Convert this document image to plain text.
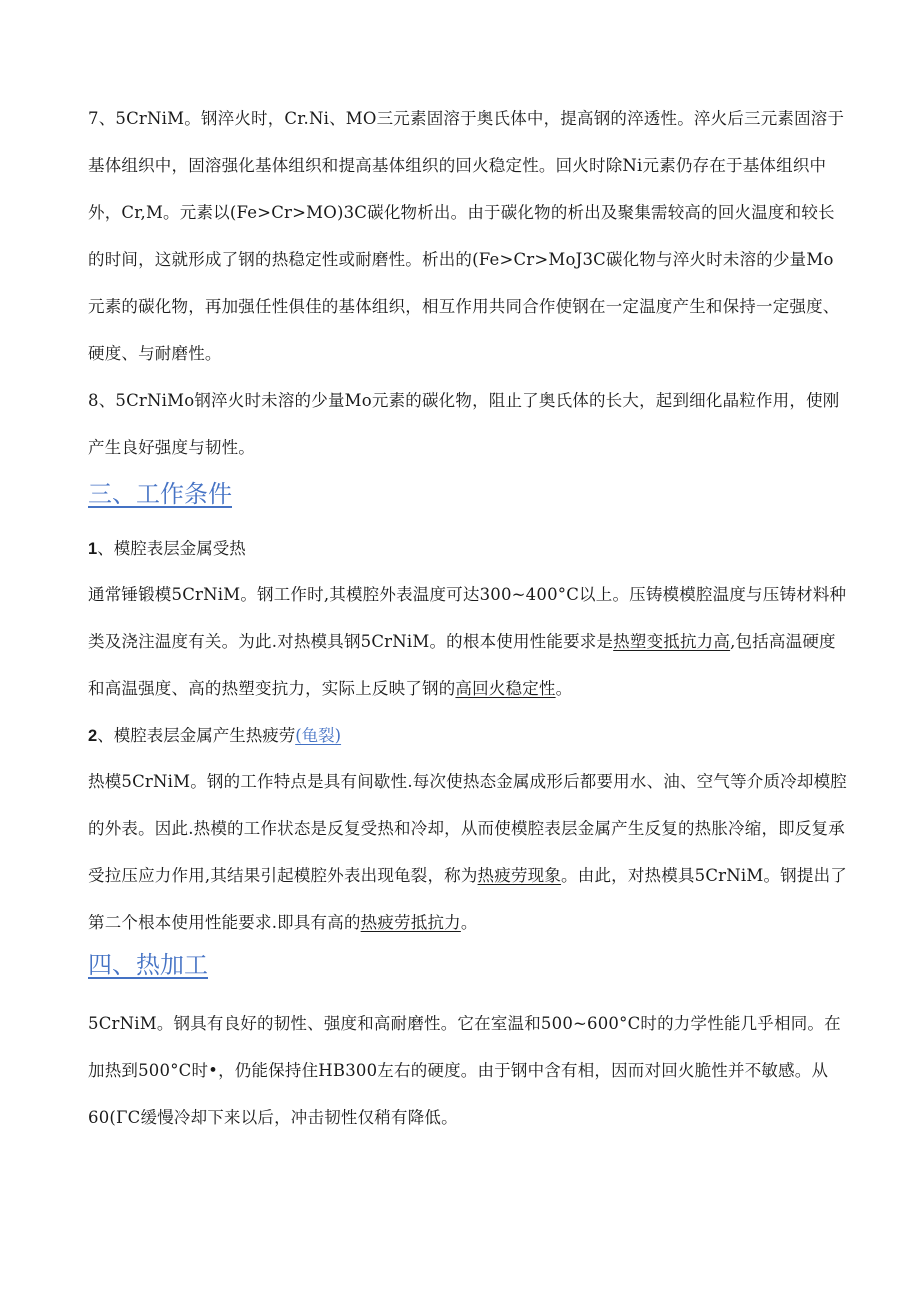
7、5CrNiM。钢淬火时，Cr.Ni、MO三元素固溶于奥氏体中，提高钢的淬透性。淬火后三元素固溶于基体组织中，固溶强化基体组织和提高基体组织的回火稳定性。回火时除Ni元素仍存在于基体组织中外，Cr,M。元素以(Fe>Cr>MO)3C碳化物析出。由于碳化物的析出及聚集需较高的回火温度和较长的时间，这就形成了钢的热稳定性或耐磨性。析出的(Fe>Cr>MoJ3C碳化物与淬火时未溶的少量Mo元素的碳化物，再加强任性俱佳的基体组织，相互作用共同合作使钢在一定温度产生和保持一定强度、硬度、与耐磨性。

8、5CrNiMo钢淬火时未溶的少量Mo元素的碳化物，阻止了奥氏体的长大，起到细化晶粒作用，使刚产生良好强度与韧性。

三、工作条件

1、模腔表层金属受热

通常锤锻模5CrNiM。钢工作时,其模腔外表温度可达300~400°C以上。压铸模模腔温度与压铸材料种类及浇注温度有关。为此.对热模具钢5CrNiM。的根本使用性能要求是热塑变抵抗力高,包括高温硬度和高温强度、高的热塑变抗力，实际上反映了钢的高回火稳定性。

2、模腔表层金属产生热疲劳(龟裂)

热模5CrNiM。钢的工作特点是具有间歇性.每次使热态金属成形后都要用水、油、空气等介质冷却模腔的外表。因此.热模的工作状态是反复受热和冷却，从而使模腔表层金属产生反复的热胀冷缩，即反复承受拉压应力作用,其结果引起模腔外表出现龟裂，称为热疲劳现象。由此，对热模具5CrNiM。钢提出了第二个根本使用性能要求.即具有高的热疲劳抵抗力。

四、热加工

5CrNiM。钢具有良好的韧性、强度和高耐磨性。它在室温和500~600°C时的力学性能几乎相同。在加热到500°C时•，仍能保持住HB300左右的硬度。由于钢中含有相，因而对回火脆性并不敏感。从60(ΓC缓慢冷却下来以后，冲击韧性仅稍有降低。
